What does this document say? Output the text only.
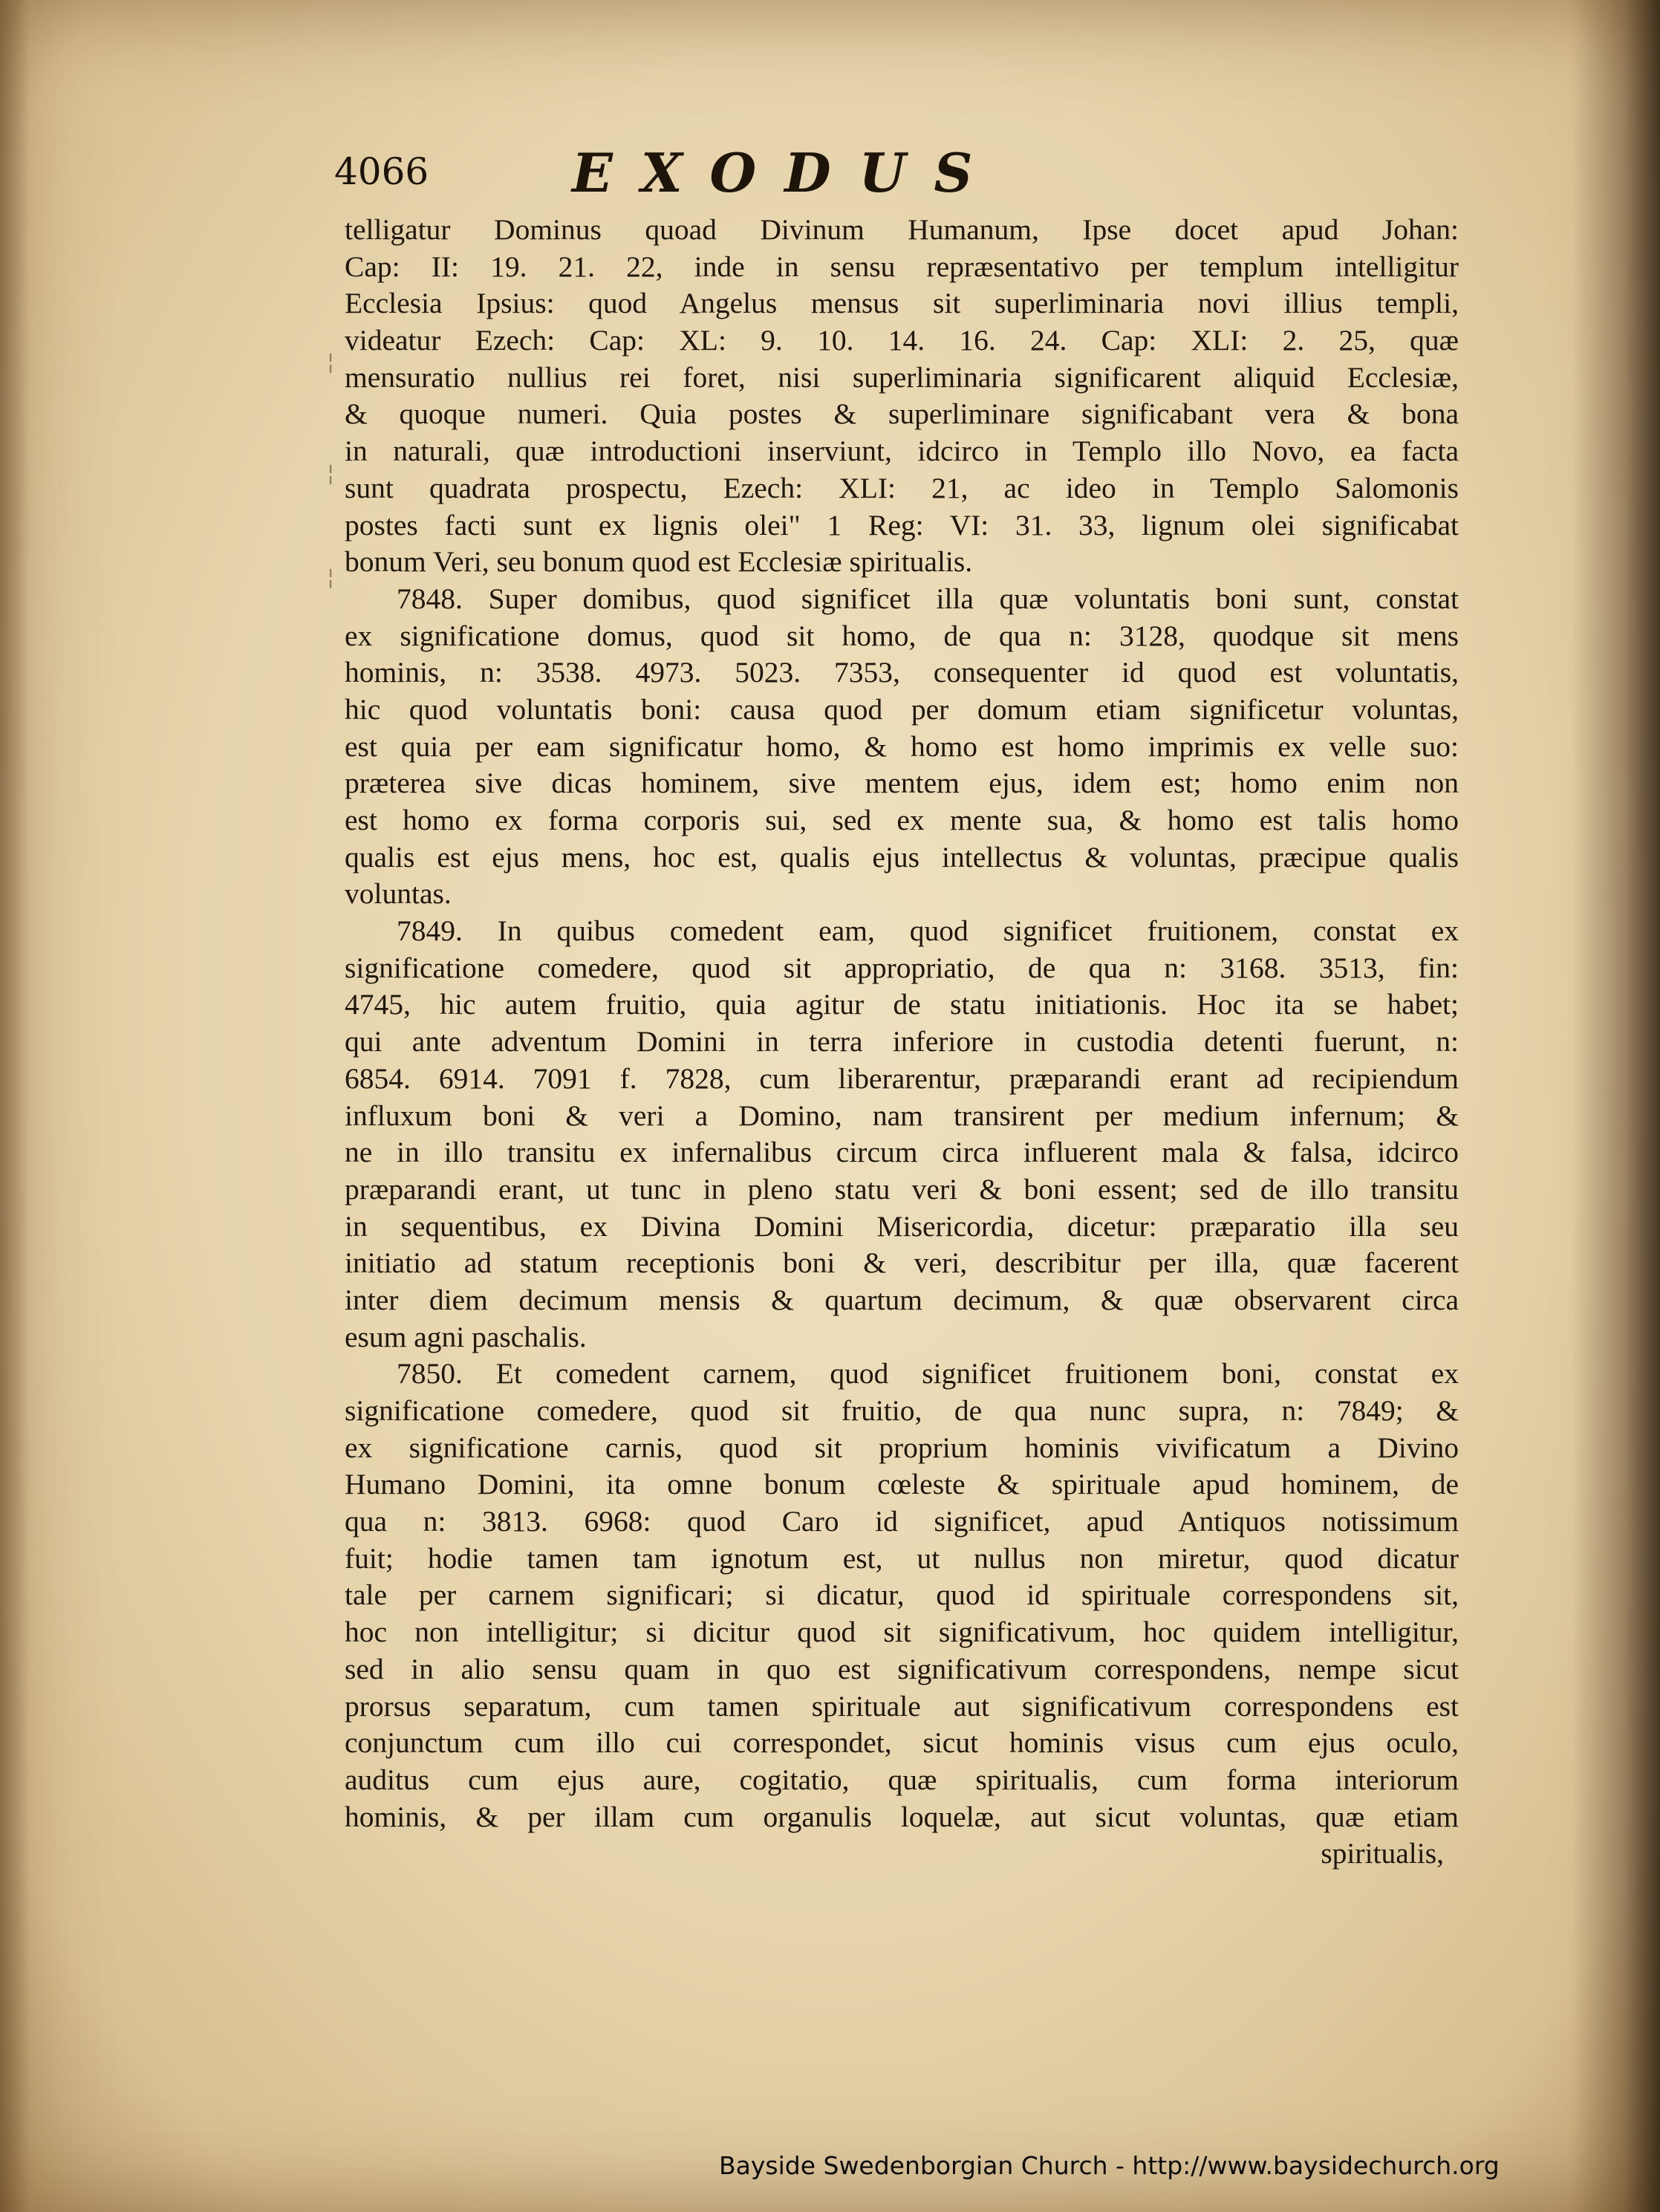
4066	EXODUS
telligatur Dominus quoad Divinum Humanum, Ipse docet apud Johan:
Cap: II: 19. 21. 22, inde in sensu repræsentativo per templum intelligitur
Ecclesia Ipsius: quod Angelus mensus sit superliminaria novi illius templi,
videatur Ezech: Cap: XL: 9. 10. 14. 16. 24. Cap: XLI: 2. 25, quæ
mensuratio nullius rei foret, nisi superliminaria significarent aliquid Ecclesiæ,
& quoque numeri. Quia postes & superliminare significabant vera & bona
in naturali, quæ introductioni inserviunt, idcirco in Templo illo Novo, ea facta
sunt quadrata prospectu, Ezech: XLI: 21, ac ideo in Templo Salomonis
postes facti sunt ex lignis olei" 1 Reg: VI: 31. 33, lignum olei significabat
bonum Veri, seu bonum quod est Ecclesiæ spiritualis.
7848. Super domibus, quod significet illa quæ voluntatis boni sunt, constat
ex significatione domus, quod sit homo, de qua n: 3128, quodque sit mens
hominis, n: 3538. 4973. 5023. 7353, consequenter id quod est voluntatis,
hic quod voluntatis boni: causa quod per domum etiam significetur voluntas,
est quia per eam significatur homo, & homo est homo imprimis ex velle suo:
præterea sive dicas hominem, sive mentem ejus, idem est; homo enim non
est homo ex forma corporis sui, sed ex mente sua, & homo est talis homo
qualis est ejus mens, hoc est, qualis ejus intellectus & voluntas, præcipue qualis
voluntas.
7849. In quibus comedent eam, quod significet fruitionem, constat ex
significatione comedere, quod sit appropriatio, de qua n: 3168. 3513, fin:
4745, hic autem fruitio, quia agitur de statu initiationis. Hoc ita se habet;
qui ante adventum Domini in terra inferiore in custodia detenti fuerunt, n:
6854. 6914. 7091 f. 7828, cum liberarentur, præparandi erant ad recipiendum
influxum boni & veri a Domino, nam transirent per medium infernum; &
ne in illo transitu ex infernalibus circum circa influerent mala & falsa, idcirco
præparandi erant, ut tunc in pleno statu veri & boni essent; sed de illo transitu
in sequentibus, ex Divina Domini Misericordia, dicetur: præparatio illa seu
initiatio ad statum receptionis boni & veri, describitur per illa, quæ facerent
inter diem decimum mensis & quartum decimum, & quæ observarent circa
esum agni paschalis.
7850. Et comedent carnem, quod significet fruitionem boni, constat ex
significatione comedere, quod sit fruitio, de qua nunc supra, n: 7849; &
ex significatione carnis, quod sit proprium hominis vivificatum a Divino
Humano Domini, ita omne bonum cœleste & spirituale apud hominem, de
qua n: 3813. 6968: quod Caro id significet, apud Antiquos notissimum
fuit; hodie tamen tam ignotum est, ut nullus non miretur, quod dicatur
tale per carnem significari; si dicatur, quod id spirituale correspondens sit,
hoc non intelligitur; si dicitur quod sit significativum, hoc quidem intelligitur,
sed in alio sensu quam in quo est significativum correspondens, nempe sicut
prorsus separatum, cum tamen spirituale aut significativum correspondens est
conjunctum cum illo cui correspondet, sicut hominis visus cum ejus oculo,
auditus cum ejus aure, cogitatio, quæ spiritualis, cum forma interiorum
hominis, & per illam cum organulis loquelæ, aut sicut voluntas, quæ etiam
spiritualis,
¦
¦
¦
Bayside Swedenborgian Church - http://www.baysidechurch.org
